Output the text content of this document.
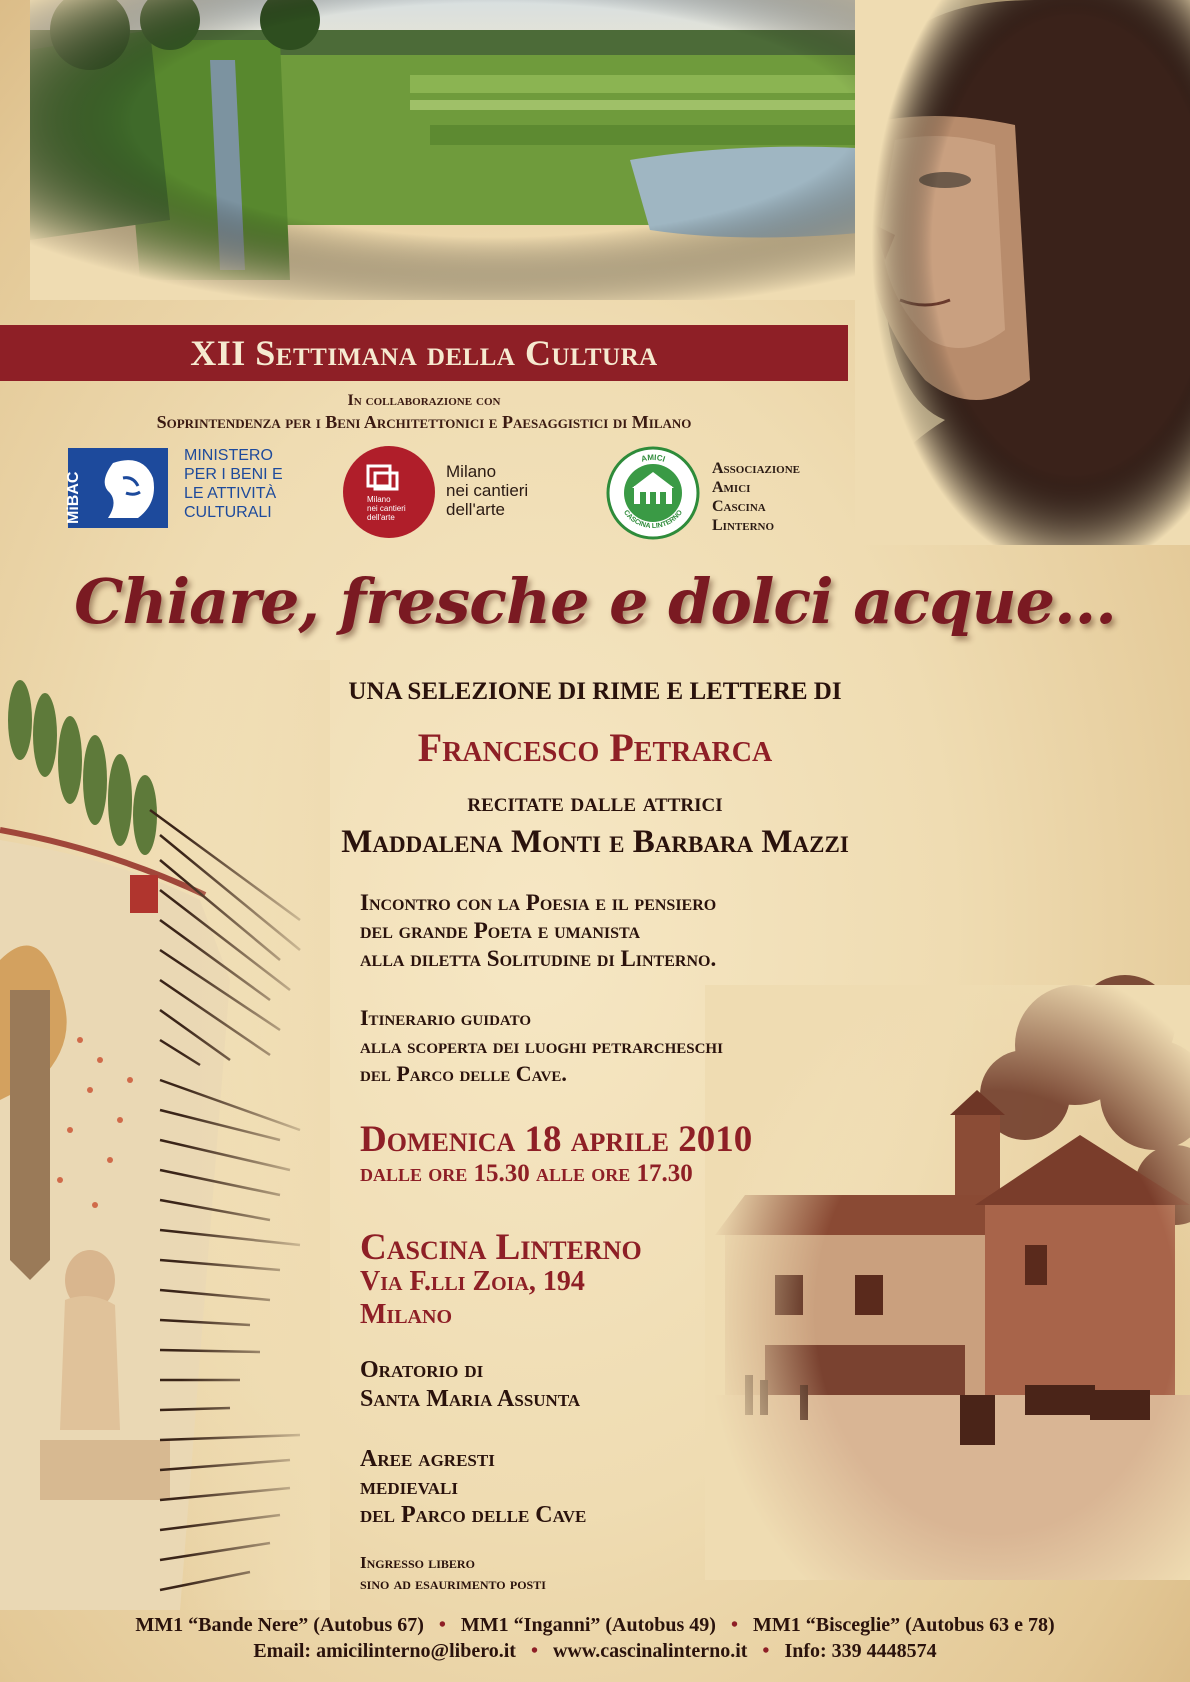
XII Settimana della Cultura
In collaborazione con
Soprintendenza per i Beni Architettonici e Paesaggistici di Milano
MiBAC
MINISTERO
PER I BENI E
LE ATTIVITÀ
CULTURALI
Milano
nei cantieri
dell'arte
Milano
nei cantieri
dell'arte
AMICI
CASCINA LINTERNO
Associazione
Amici
Cascina
Linterno
Chiare, fresche e dolci acque...
UNA SELEZIONE DI RIME E LETTERE DI
Francesco Petrarca
recitate dalle attrici
Maddalena Monti e Barbara Mazzi
Incontro con la Poesia e il pensiero
del grande Poeta e umanista
alla diletta Solitudine di Linterno.
Itinerario guidato
alla scoperta dei luoghi petrarcheschi
del Parco delle Cave.
Domenica 18 aprile 2010
dalle ore 15.30 alle ore 17.30
Cascina Linterno
Via F.lli Zoia, 194
Milano
Oratorio di
Santa Maria Assunta
Aree agresti
medievali
del Parco delle Cave
Ingresso libero
sino ad esaurimento posti
MM1 “Bande Nere” (Autobus 67) • MM1 “Inganni” (Autobus 49) • MM1 “Bisceglie” (Autobus 63 e 78)
Email: amicilinterno@libero.it • www.cascinalinterno.it • Info: 339 4448574
